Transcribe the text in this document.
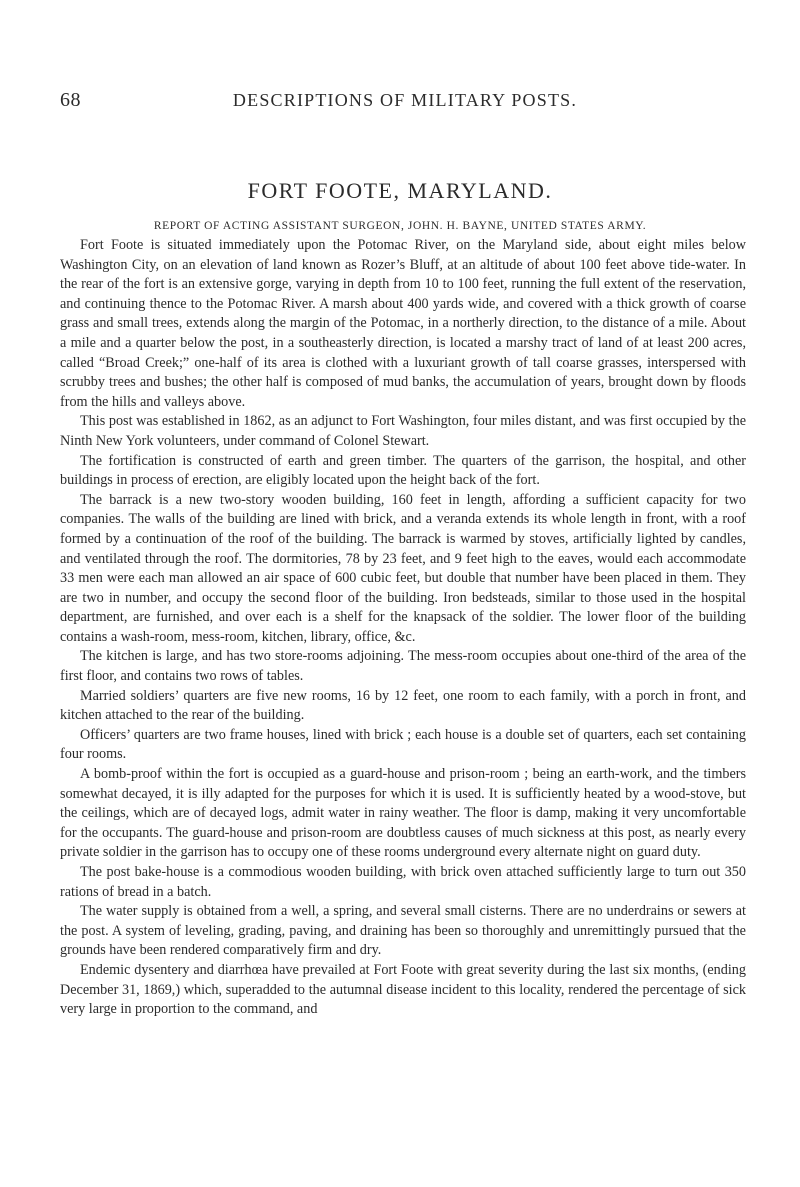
68	DESCRIPTIONS OF MILITARY POSTS.
FORT FOOTE, MARYLAND.
REPORT OF ACTING ASSISTANT SURGEON, JOHN. H. BAYNE, UNITED STATES ARMY.

Fort Foote is situated immediately upon the Potomac River, on the Maryland side, about eight miles below Washington City, on an elevation of land known as Rozer’s Bluff, at an altitude of about 100 feet above tide-water. In the rear of the fort is an extensive gorge, varying in depth from 10 to 100 feet, running the full extent of the reservation, and continuing thence to the Potomac River. A marsh about 400 yards wide, and covered with a thick growth of coarse grass and small trees, extends along the margin of the Potomac, in a northerly direction, to the distance of a mile. About a mile and a quarter below the post, in a southeasterly direction, is located a marshy tract of land of at least 200 acres, called “Broad Creek;” one-half of its area is clothed with a luxuriant growth of tall coarse grasses, interspersed with scrubby trees and bushes; the other half is composed of mud banks, the accumulation of years, brought down by floods from the hills and valleys above.

This post was established in 1862, as an adjunct to Fort Washington, four miles distant, and was first occupied by the Ninth New York volunteers, under command of Colonel Stewart.

The fortification is constructed of earth and green timber. The quarters of the garrison, the hospital, and other buildings in process of erection, are eligibly located upon the height back of the fort.

The barrack is a new two-story wooden building, 160 feet in length, affording a sufficient capacity for two companies. The walls of the building are lined with brick, and a veranda extends its whole length in front, with a roof formed by a continuation of the roof of the building. The barrack is warmed by stoves, artificially lighted by candles, and ventilated through the roof. The dormitories, 78 by 23 feet, and 9 feet high to the eaves, would each accommodate 33 men were each man allowed an air space of 600 cubic feet, but double that number have been placed in them. They are two in number, and occupy the second floor of the building. Iron bedsteads, similar to those used in the hospital department, are furnished, and over each is a shelf for the knapsack of the soldier. The lower floor of the building contains a wash-room, mess-room, kitchen, library, office, &c.

The kitchen is large, and has two store-rooms adjoining. The mess-room occupies about one-third of the area of the first floor, and contains two rows of tables.

Married soldiers’ quarters are five new rooms, 16 by 12 feet, one room to each family, with a porch in front, and kitchen attached to the rear of the building.

Officers’ quarters are two frame houses, lined with brick ; each house is a double set of quarters, each set containing four rooms.

A bomb-proof within the fort is occupied as a guard-house and prison-room ; being an earth-work, and the timbers somewhat decayed, it is illy adapted for the purposes for which it is used. It is sufficiently heated by a wood-stove, but the ceilings, which are of decayed logs, admit water in rainy weather. The floor is damp, making it very uncomfortable for the occupants. The guard-house and prison-room are doubtless causes of much sickness at this post, as nearly every private soldier in the garrison has to occupy one of these rooms underground every alternate night on guard duty.

The post bake-house is a commodious wooden building, with brick oven attached sufficiently large to turn out 350 rations of bread in a batch.

The water supply is obtained from a well, a spring, and several small cisterns. There are no underdrains or sewers at the post. A system of leveling, grading, paving, and draining has been so thoroughly and unremittingly pursued that the grounds have been rendered comparatively firm and dry.

Endemic dysentery and diarrhœa have prevailed at Fort Foote with great severity during the last six months, (ending December 31, 1869,) which, superadded to the autumnal disease incident to this locality, rendered the percentage of sick very large in proportion to the command, and
